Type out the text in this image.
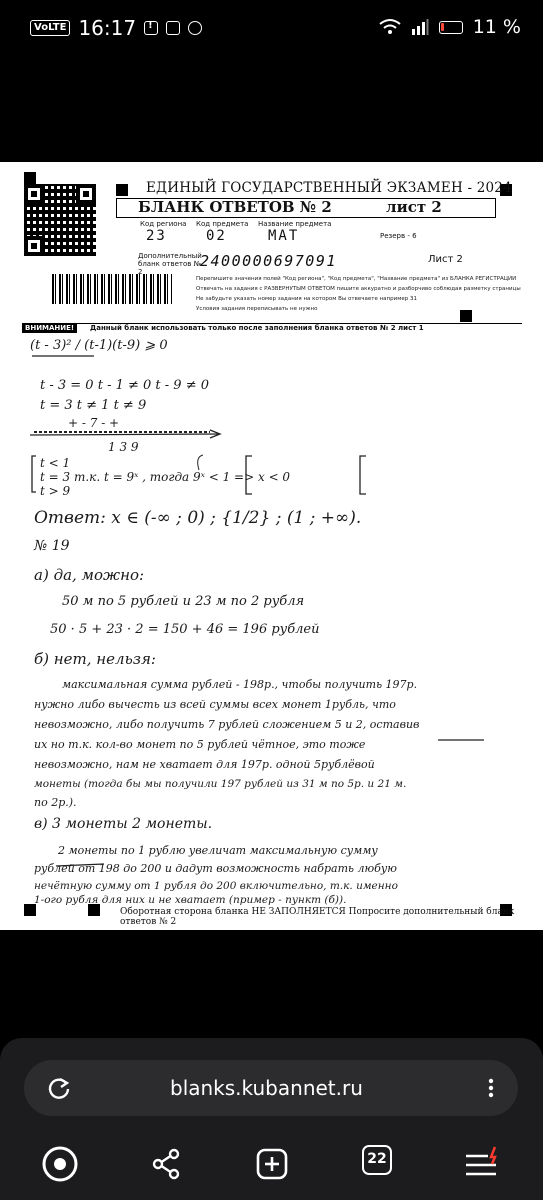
VoLTE 16:17 !	11 %
ЕДИНЫЙ ГОСУДАРСТВЕННЫЙ ЭКЗАМЕН - 2024
БЛАНК ОТВЕТОВ № 2	лист 2
Код региона Код предмета Название предмета
23	02	МАТ	Резерв - 6
Дополнительный бланк ответов № 2
2400000697091	Лист 2
Перепишите значения полей "Код региона", "Код предмета", "Название предмета" из БЛАНКА РЕГИСТРАЦИИ
Отвечать на задания с РАЗВЕРНУТЫМ ОТВЕТОМ пишите аккуратно и разборчиво соблюдая разметку страницы
Не забудьте указать номер задания на котором Вы отвечаете например 31
Условия задания переписывать не нужно
ВНИМАНИЕ!	Данный бланк использовать только после заполнения бланка ответов № 2 лист 1
(t - 3)² / (t-1)(t-9) ⩾ 0
t - 3 = 0 t - 1 ≠ 0 t - 9 ≠ 0
t = 3 t ≠ 1 t ≠ 9
+ - 7 - +
1 3 9
t < 1
t = 3 т.к. t = 9ˣ , тогда 9ˣ < 1 => x < 0
t > 9
Ответ: x ∈ (-∞ ; 0) ; {1/2} ; (1 ; +∞).
№ 19
а) да, можно:
50 м по 5 рублей и 23 м по 2 рубля
50 · 5 + 23 · 2 = 150 + 46 = 196 рублей
б) нет, нельзя:
максимальная сумма рублей - 198р., чтобы получить 197р.
нужно либо вычесть из всей суммы всех монет 1рубль, что
невозможно, либо получить 7 рублей сложением 5 и 2, оставив
их но т.к. кол-во монет по 5 рублей чётное, это тоже
невозможно, нам не хватает для 197р. одной 5рублёвой
монеты (тогда бы мы получили 197 рублей из 31 м по 5р. и 21 м.
по 2р.).
в) 3 монеты 2 монеты.
2 монеты по 1 рублю увеличат максимальную сумму
рублей от 198 до 200 и дадут возможность набрать любую
нечётную сумму от 1 рубля до 200 включительно, т.к. именно
1-ого рубля для них и не хватает (пример - пункт (б)).
Оборотная сторона бланка НЕ ЗАПОЛНЯЕТСЯ Попросите дополнительный бланк ответов № 2
blanks.kubannet.ru
22
